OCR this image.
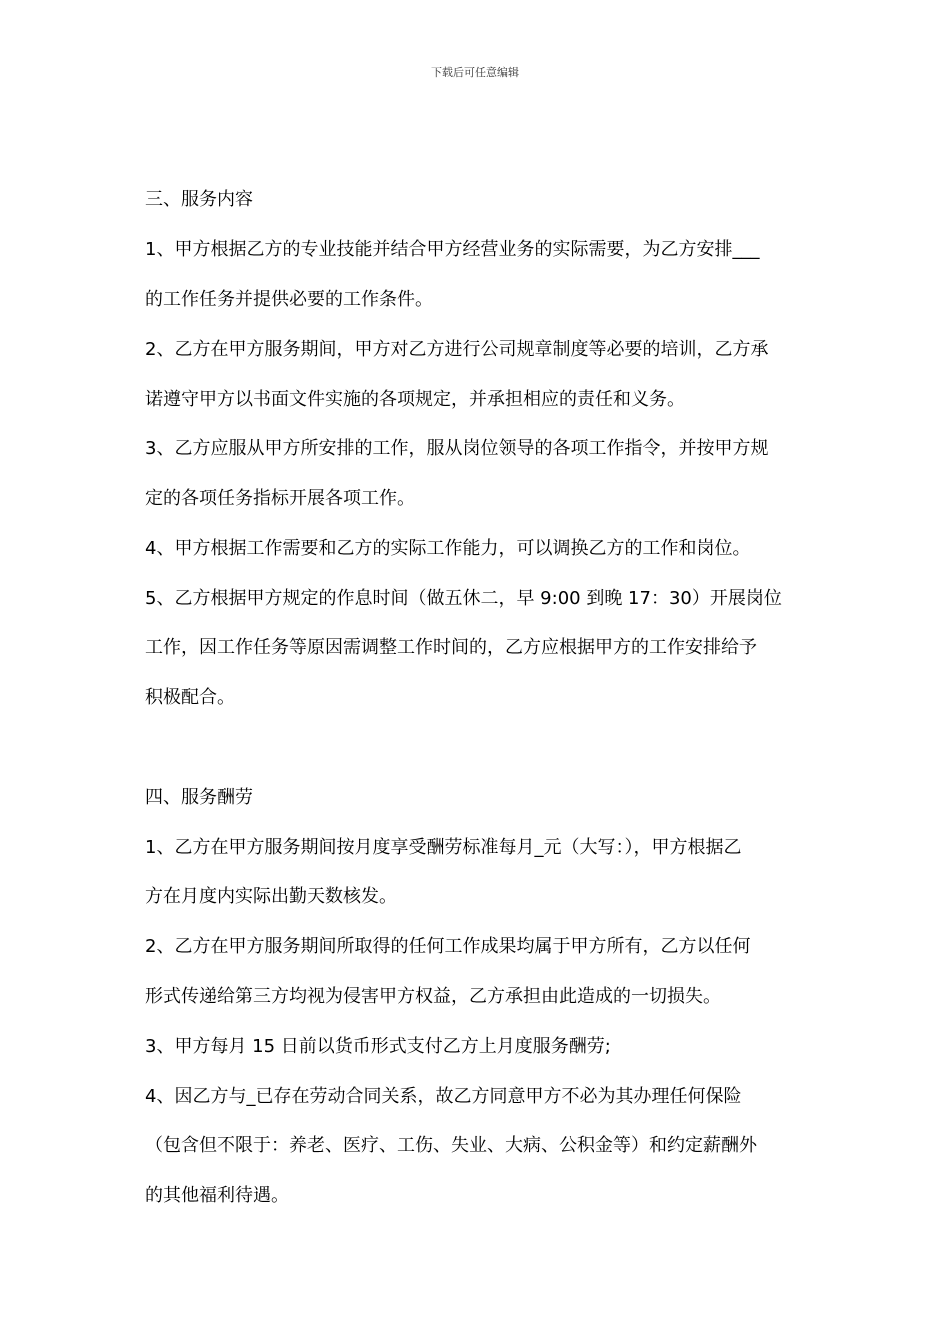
下载后可任意编辑
三、服务内容
1、甲方根据乙方的专业技能并结合甲方经营业务的实际需要，为乙方安排___
的工作任务并提供必要的工作条件。
2、乙方在甲方服务期间，甲方对乙方进行公司规章制度等必要的培训，乙方承
诺遵守甲方以书面文件实施的各项规定，并承担相应的责任和义务。
3、乙方应服从甲方所安排的工作，服从岗位领导的各项工作指令，并按甲方规
定的各项任务指标开展各项工作。
4、甲方根据工作需要和乙方的实际工作能力，可以调换乙方的工作和岗位。
5、乙方根据甲方规定的作息时间（做五休二，早 9:00 到晚 17：30）开展岗位
工作，因工作任务等原因需调整工作时间的，乙方应根据甲方的工作安排给予
积极配合。
四、服务酬劳
1、乙方在甲方服务期间按月度享受酬劳标准每月_元（大写：），甲方根据乙
方在月度内实际出勤天数核发。
2、乙方在甲方服务期间所取得的任何工作成果均属于甲方所有，乙方以任何
形式传递给第三方均视为侵害甲方权益，乙方承担由此造成的一切损失。
3、甲方每月 15 日前以货币形式支付乙方上月度服务酬劳;
4、因乙方与_已存在劳动合同关系，故乙方同意甲方不必为其办理任何保险
（包含但不限于：养老、医疗、工伤、失业、大病、公积金等）和约定薪酬外
的其他福利待遇。
